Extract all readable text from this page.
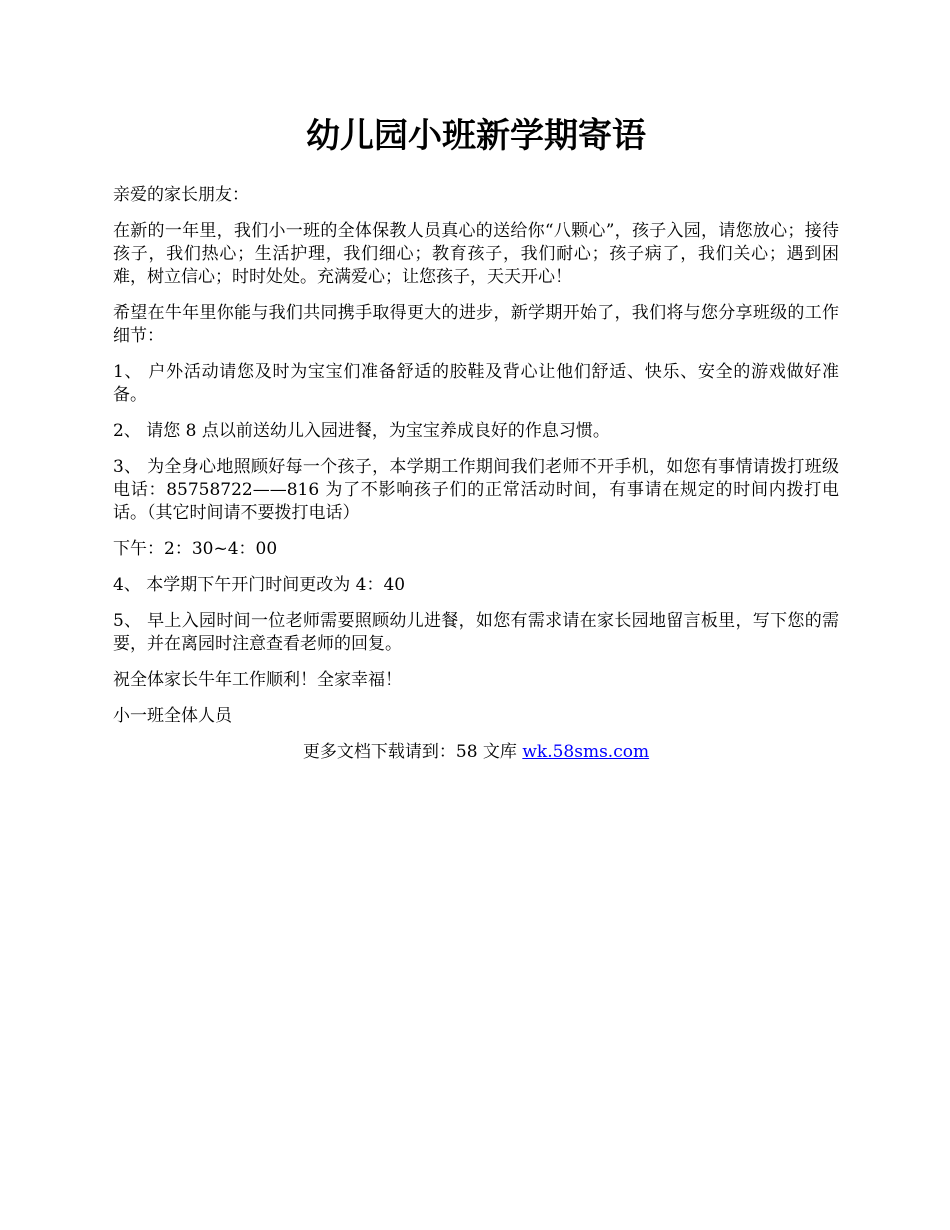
幼儿园小班新学期寄语

亲爱的家长朋友：

在新的一年里，我们小一班的全体保教人员真心的送给你“八颗心”，孩子入园，请您放心；接待孩子，我们热心；生活护理，我们细心；教育孩子，我们耐心；孩子病了，我们关心；遇到困难，树立信心；时时处处。充满爱心；让您孩子，天天开心！

希望在牛年里你能与我们共同携手取得更大的进步，新学期开始了，我们将与您分享班级的工作细节：

1、 户外活动请您及时为宝宝们准备舒适的胶鞋及背心让他们舒适、快乐、安全的游戏做好准备。

2、 请您 8 点以前送幼儿入园进餐，为宝宝养成良好的作息习惯。

3、 为全身心地照顾好每一个孩子，本学期工作期间我们老师不开手机，如您有事情请拨打班级电话：85758722——816 为了不影响孩子们的正常活动时间，有事请在规定的时间内拨打电话。（其它时间请不要拨打电话）

下午：2：30~4：00

4、 本学期下午开门时间更改为 4：40

5、 早上入园时间一位老师需要照顾幼儿进餐，如您有需求请在家长园地留言板里，写下您的需要，并在离园时注意查看老师的回复。

祝全体家长牛年工作顺利！全家幸福！

小一班全体人员

更多文档下载请到：58 文库 wk.58sms.com
